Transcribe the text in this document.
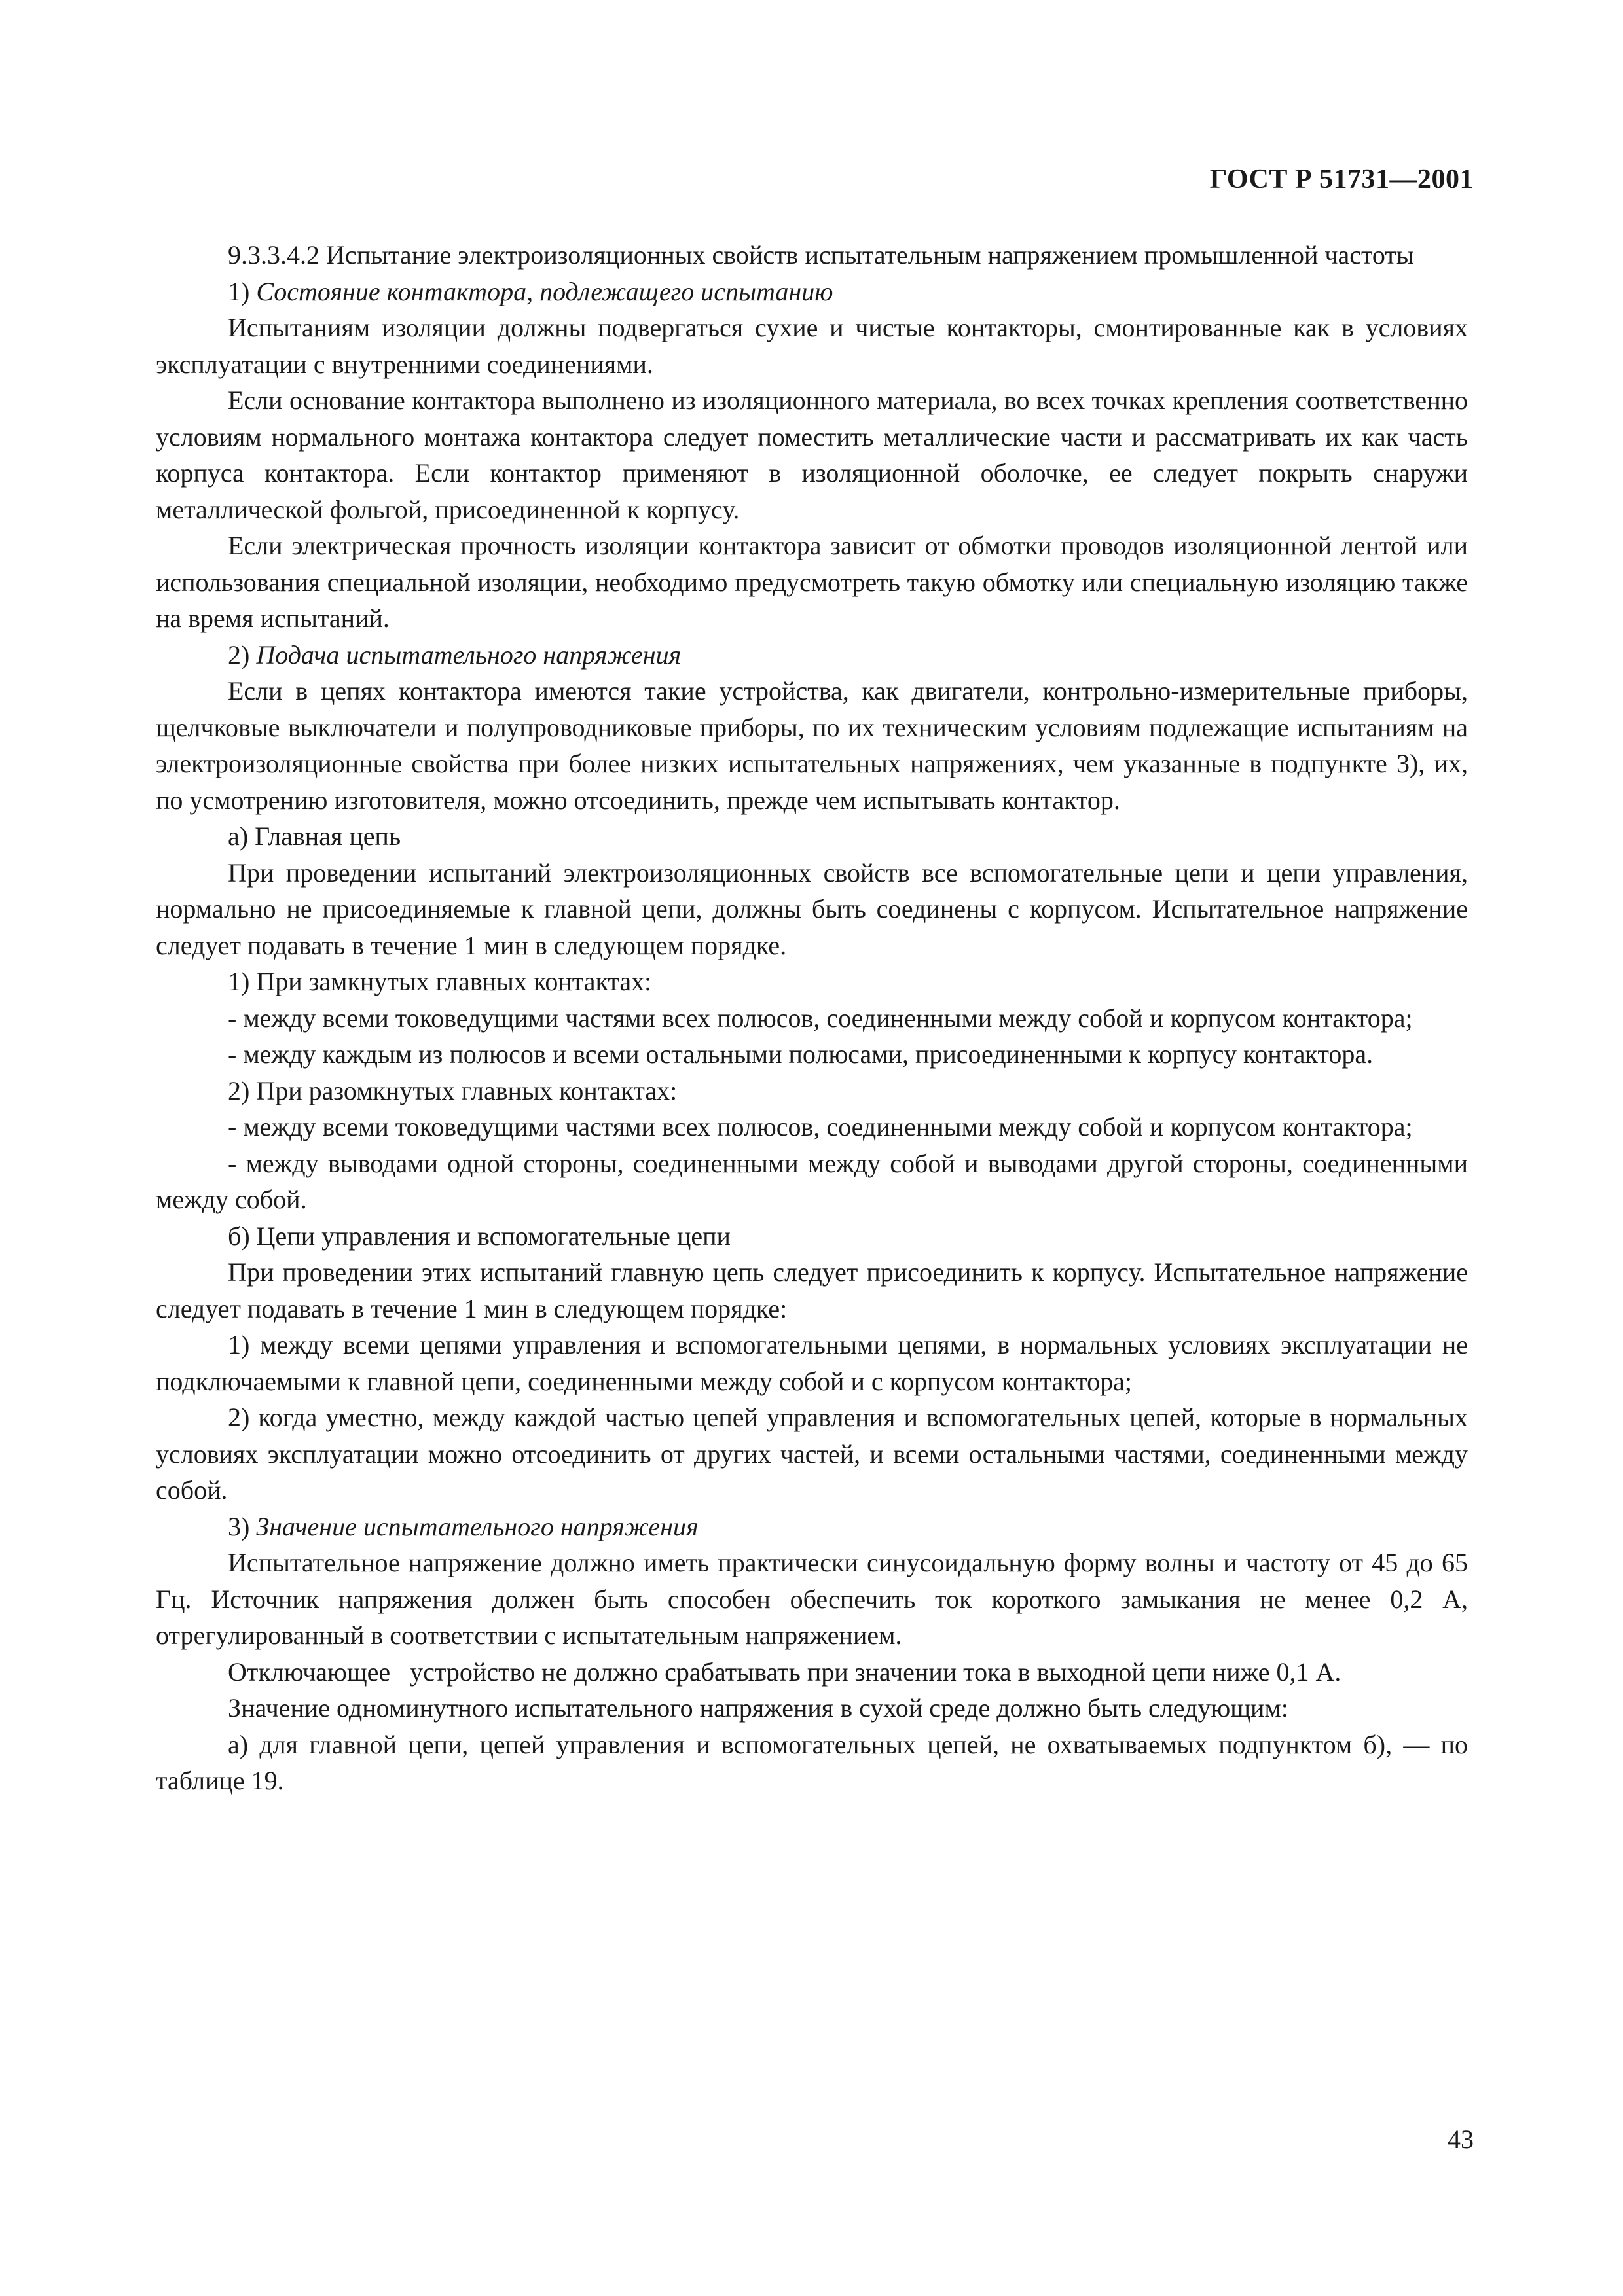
ГОСТ Р 51731—2001

9.3.3.4.2 Испытание электроизоляционных свойств испытательным напряжением промышленной частоты

1) Состояние контактора, подлежащего испытанию

Испытаниям изоляции должны подвергаться сухие и чистые контакторы, смонтированные как в условиях эксплуатации с внутренними соединениями.

Если основание контактора выполнено из изоляционного материала, во всех точках крепления соответственно условиям нормального монтажа контактора следует поместить металлические части и рассматривать их как часть корпуса контактора. Если контактор применяют в изоляционной оболочке, ее следует покрыть снаружи металлической фольгой, присоединенной к корпусу.

Если электрическая прочность изоляции контактора зависит от обмотки проводов изоляционной лентой или использования специальной изоляции, необходимо предусмотреть такую обмотку или специальную изоляцию также на время испытаний.

2) Подача испытательного напряжения

Если в цепях контактора имеются такие устройства, как двигатели, контрольно-измерительные приборы, щелчковые выключатели и полупроводниковые приборы, по их техническим условиям подлежащие испытаниям на электроизоляционные свойства при более низких испытательных напряжениях, чем указанные в подпункте 3), их, по усмотрению изготовителя, можно отсоединить, прежде чем испытывать контактор.

а) Главная цепь

При проведении испытаний электроизоляционных свойств все вспомогательные цепи и цепи управления, нормально не присоединяемые к главной цепи, должны быть соединены с корпусом. Испытательное напряжение следует подавать в течение 1 мин в следующем порядке.

1) При замкнутых главных контактах:

- между всеми токоведущими частями всех полюсов, соединенными между собой и корпусом контактора;

- между каждым из полюсов и всеми остальными полюсами, присоединенными к корпусу контактора.

2) При разомкнутых главных контактах:

- между всеми токоведущими частями всех полюсов, соединенными между собой и корпусом контактора;

- между выводами одной стороны, соединенными между собой и выводами другой стороны, соединенными между собой.

б) Цепи управления и вспомогательные цепи

При проведении этих испытаний главную цепь следует присоединить к корпусу. Испытательное напряжение следует подавать в течение 1 мин в следующем порядке:

1) между всеми цепями управления и вспомогательными цепями, в нормальных условиях эксплуатации не подключаемыми к главной цепи, соединенными между собой и с корпусом контактора;

2) когда уместно, между каждой частью цепей управления и вспомогательных цепей, которые в нормальных условиях эксплуатации можно отсоединить от других частей, и всеми остальными частями, соединенными между собой.

3) Значение испытательного напряжения

Испытательное напряжение должно иметь практически синусоидальную форму волны и частоту от 45 до 65 Гц. Источник напряжения должен быть способен обеспечить ток короткого замыкания не менее 0,2 А, отрегулированный в соответствии с испытательным напряжением.

Отключающее   устройство не должно срабатывать при значении тока в выходной цепи ниже 0,1 А.

Значение одноминутного испытательного напряжения в сухой среде должно быть следующим:

а) для главной цепи, цепей управления и вспомогательных цепей, не охватываемых подпунктом б), — по таблице 19.

43
